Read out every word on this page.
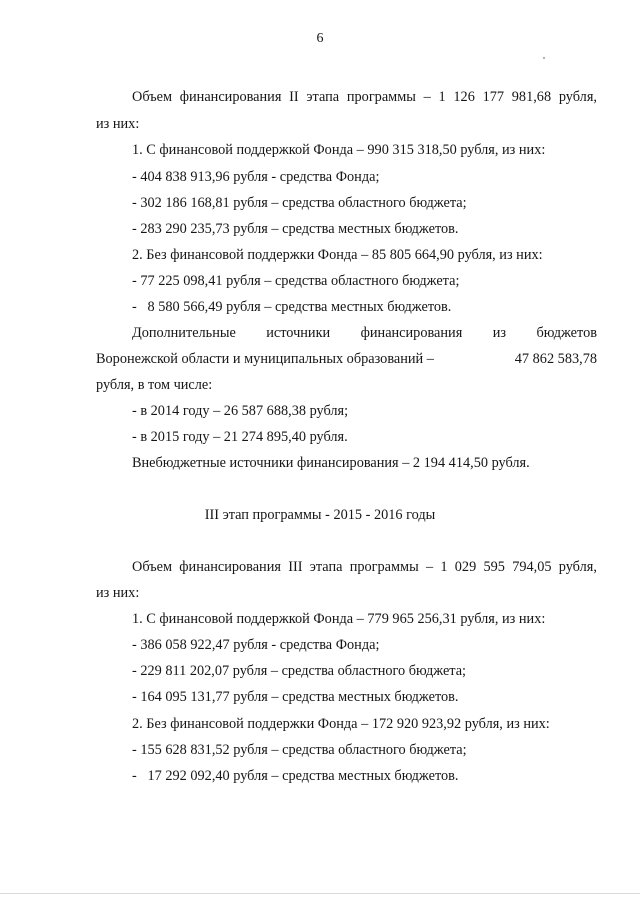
6
Объем финансирования II этапа программы – 1 126 177 981,68 рубля,
из них:
1. С финансовой поддержкой Фонда – 990 315 318,50 рубля, из них:
- 404 838 913,96 рубля - средства Фонда;
- 302 186 168,81 рубля – средства областного бюджета;
- 283 290 235,73 рубля – средства местных бюджетов.
2. Без финансовой поддержки Фонда – 85 805 664,90 рубля, из них:
- 77 225 098,41 рубля – средства областного бюджета;
-   8 580 566,49 рубля – средства местных бюджетов.
Дополнительные источники финансирования из бюджетов
Воронежской области и муниципальных образований –	47 862 583,78
рубля, в том числе:
- в 2014 году – 26 587 688,38 рубля;
- в 2015 году – 21 274 895,40 рубля.
Внебюджетные источники финансирования – 2 194 414,50 рубля.
III этап программы - 2015 - 2016 годы
Объем финансирования III этапа программы – 1 029 595 794,05 рубля,
из них:
1. С финансовой поддержкой Фонда – 779 965 256,31 рубля, из них:
- 386 058 922,47 рубля - средства Фонда;
- 229 811 202,07 рубля – средства областного бюджета;
- 164 095 131,77 рубля – средства местных бюджетов.
2. Без финансовой поддержки Фонда – 172 920 923,92 рубля, из них:
- 155 628 831,52 рубля – средства областного бюджета;
-   17 292 092,40 рубля – средства местных бюджетов.
